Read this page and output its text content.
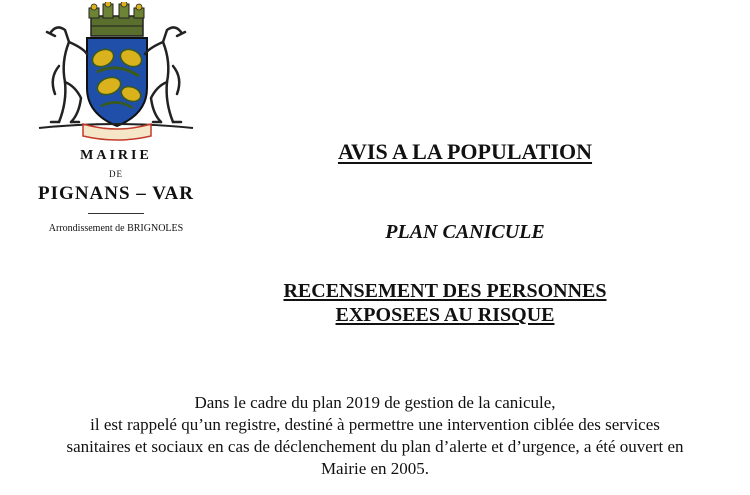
MAIRIE
DE
PIGNANS – VAR
Arrondissement de BRIGNOLES
AVIS A LA POPULATION
PLAN CANICULE
RECENSEMENT DES PERSONNES
EXPOSEES AU RISQUE
Dans le cadre du plan 2019 de gestion de la canicule,
il est rappelé qu’un registre, destiné à permettre une intervention ciblée des services
sanitaires et sociaux en cas de déclenchement du plan d’alerte et d’urgence, a été ouvert en
Mairie en 2005.
